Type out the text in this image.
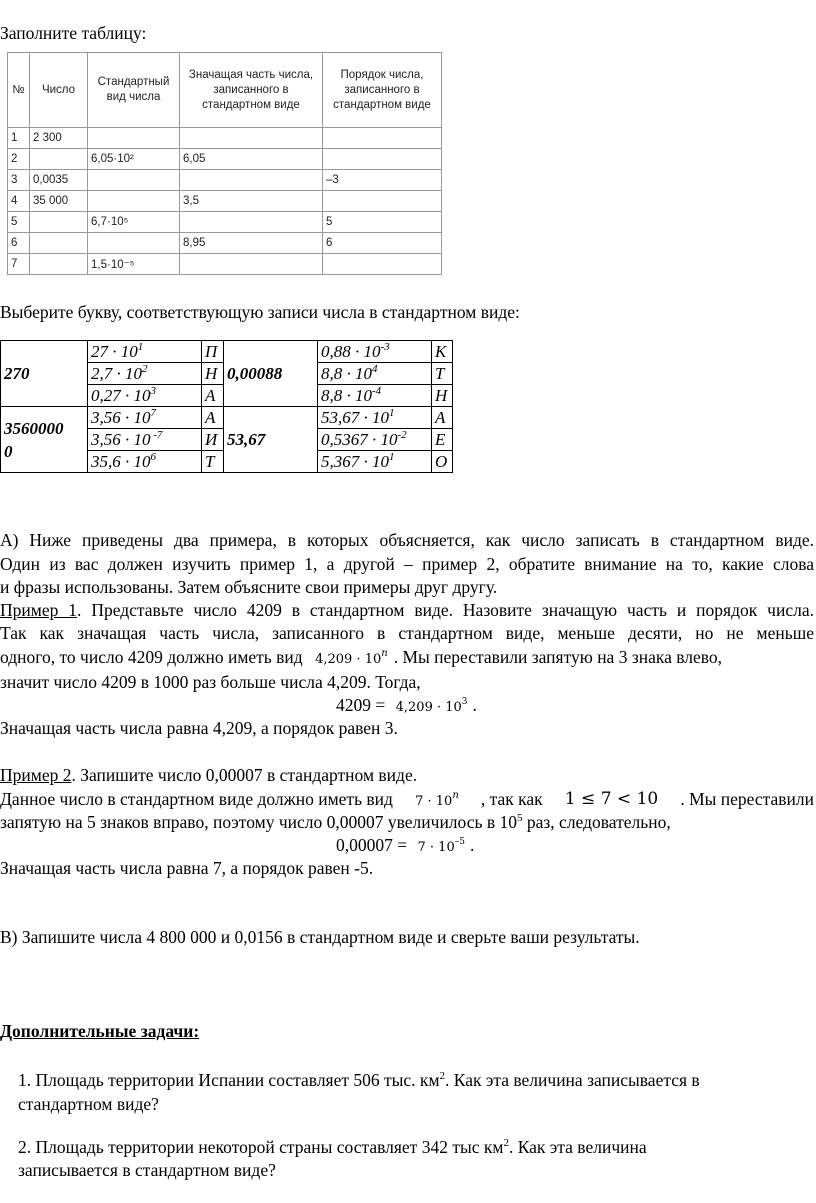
Заполните таблицу:
№	Число	Стандартный вид числа	Значащая часть числа, записанного в стандартном виде	Порядок числа, записанного в стандартном виде
1	2 300			
2		6,05·10²	6,05	
3	0,0035			–3
4	35 000		3,5	
5		6,7·10⁵		5
6			8,95	6
7		1,5·10⁻⁵		
Выберите букву, соответствующую записи числа в стандартном виде:
270	$27 \cdot 10^1$	П	0,00088	$0,88 \cdot 10^{-3}$	К
	$2,7 \cdot 10^2$	Н		$8,8 \cdot 10^4$	Т
	$0,27 \cdot 10^3$	А		$8,8 \cdot 10^{-4}$	Н
3560000
0	$3,56 \cdot 10^7$	А	53,67	$53,67 \cdot 10^1$	А
	3,56 · 10 $^{-7}$	И		$0,5367 \cdot 10^{-2}$	Е
	$35,6 \cdot 10^6$	Т		$5,367 \cdot 10^1$	О
А) Ниже приведены два примера, в которых объясняется, как число записать в стандартном виде.
Один из вас должен изучить пример 1, а другой – пример 2, обратите внимание на то, какие слова
и фразы использованы. Затем объясните свои примеры друг другу.
Пример 1. Представьте число 4209 в стандартном виде. Назовите значащую часть и порядок числа.
Так как значащая часть числа, записанного в стандартном виде, меньше десяти, но не меньше
одного, то число 4209 должно иметь вид $4,209 \cdot 10^n$ . Мы переставили запятую на 3 знака влево,
значит число 4209 в 1000 раз больше числа 4,209. Тогда,
$4209 = 4,209 \cdot 10^3$ .
Значащая часть числа равна 4,209, а порядок равен 3.
Пример 2. Запишите число 0,00007 в стандартном виде.
Данное число в стандартном виде должно иметь вид $7 \cdot 10^n$ , так как 1 ≤ 7 < 10 . Мы переставили
запятую на 5 знаков вправо, поэтому число 0,00007 увеличилось в $10^5$ раз, следовательно,
$0,00007 = 7 \cdot 10^{-5}$ .
Значащая часть числа равна 7, а порядок равен -5.
В) Запишите числа 4 800 000 и 0,0156 в стандартном виде и сверьте ваши результаты.
Дополнительные задачи:
1. Площадь территории Испании составляет 506 тыс. $км^2$. Как эта величина записывается в
стандартном виде?
2. Площадь территории некоторой страны составляет 342 тыс $км^2$. Как эта величина
записывается в стандартном виде?
